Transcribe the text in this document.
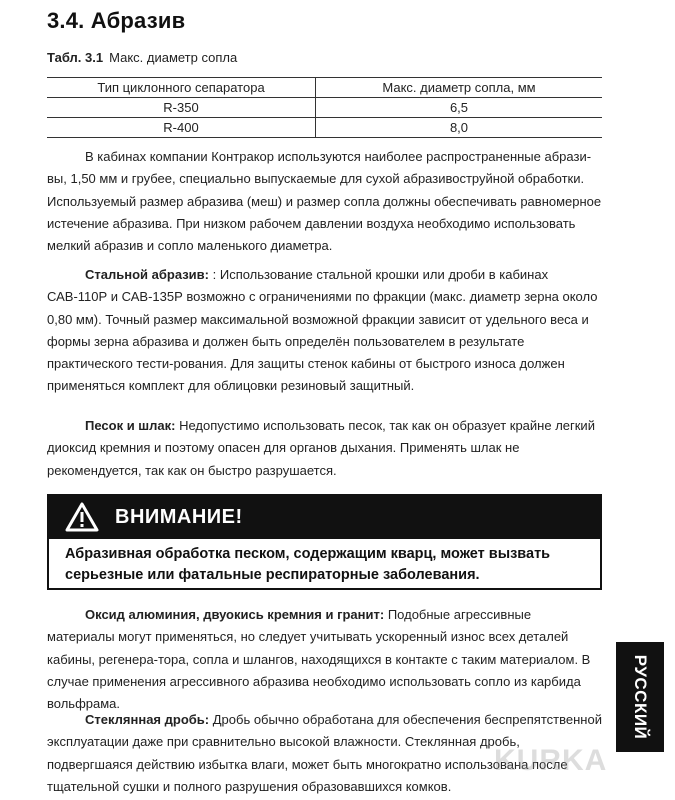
3.4. Абразив
Табл. 3.1 Макс. диаметр сопла
Тип циклонного сепаратора	Макс. диаметр сопла, мм
R-350	6,5
R-400	8,0

В кабинах компании Контракор используются наиболее распространенные абрази-вы, 1,50 мм и грубее, специально выпускаемые для сухой абразивоструйной обработки. Используемый размер абразива (меш) и размер сопла должны обеспечивать равномерное истечение абразива. При низком рабочем давлении воздуха необходимо использовать мелкий абразив и сопло маленького диаметра.

Стальной абразив: : Использование стальной крошки или дроби в кабинах САВ-110Р и САВ-135Р возможно с ограничениями по фракции (макс. диаметр зерна около 0,80 мм). Точный размер максимальной возможной фракции зависит от удельного веса и формы зерна абразива и должен быть определён пользователем в результате практического тести-рования. Для защиты стенок кабины от быстрого износа должен применяться комплект для облицовки резиновый защитный.

Песок и шлак: Недопустимо использовать песок, так как он образует крайне легкий диоксид кремния и поэтому опасен для органов дыхания. Применять шлак не рекомендуется, так как он быстро разрушается.

ВНИМАНИЕ!
Абразивная обработка песком, содержащим кварц, может вызвать серьезные или фатальные респираторные заболевания.

Оксид алюминия, двуокись кремния и гранит: Подобные агрессивные материалы могут применяться, но следует учитывать ускоренный износ всех деталей кабины, регенера-тора, сопла и шлангов, находящихся в контакте с таким материалом. В случае применения агрессивного абразива необходимо использовать сопло из карбида вольфрама.

Стеклянная дробь: Дробь обычно обработана для обеспечения беспрепятственной эксплуатации даже при сравнительно высокой влажности. Стеклянная дробь, подвергшаяся действию избытка влаги, может быть многократно использована после тщательной сушки и полного разрушения образовавшихся комков.

РУССКИЙ
KURKA
